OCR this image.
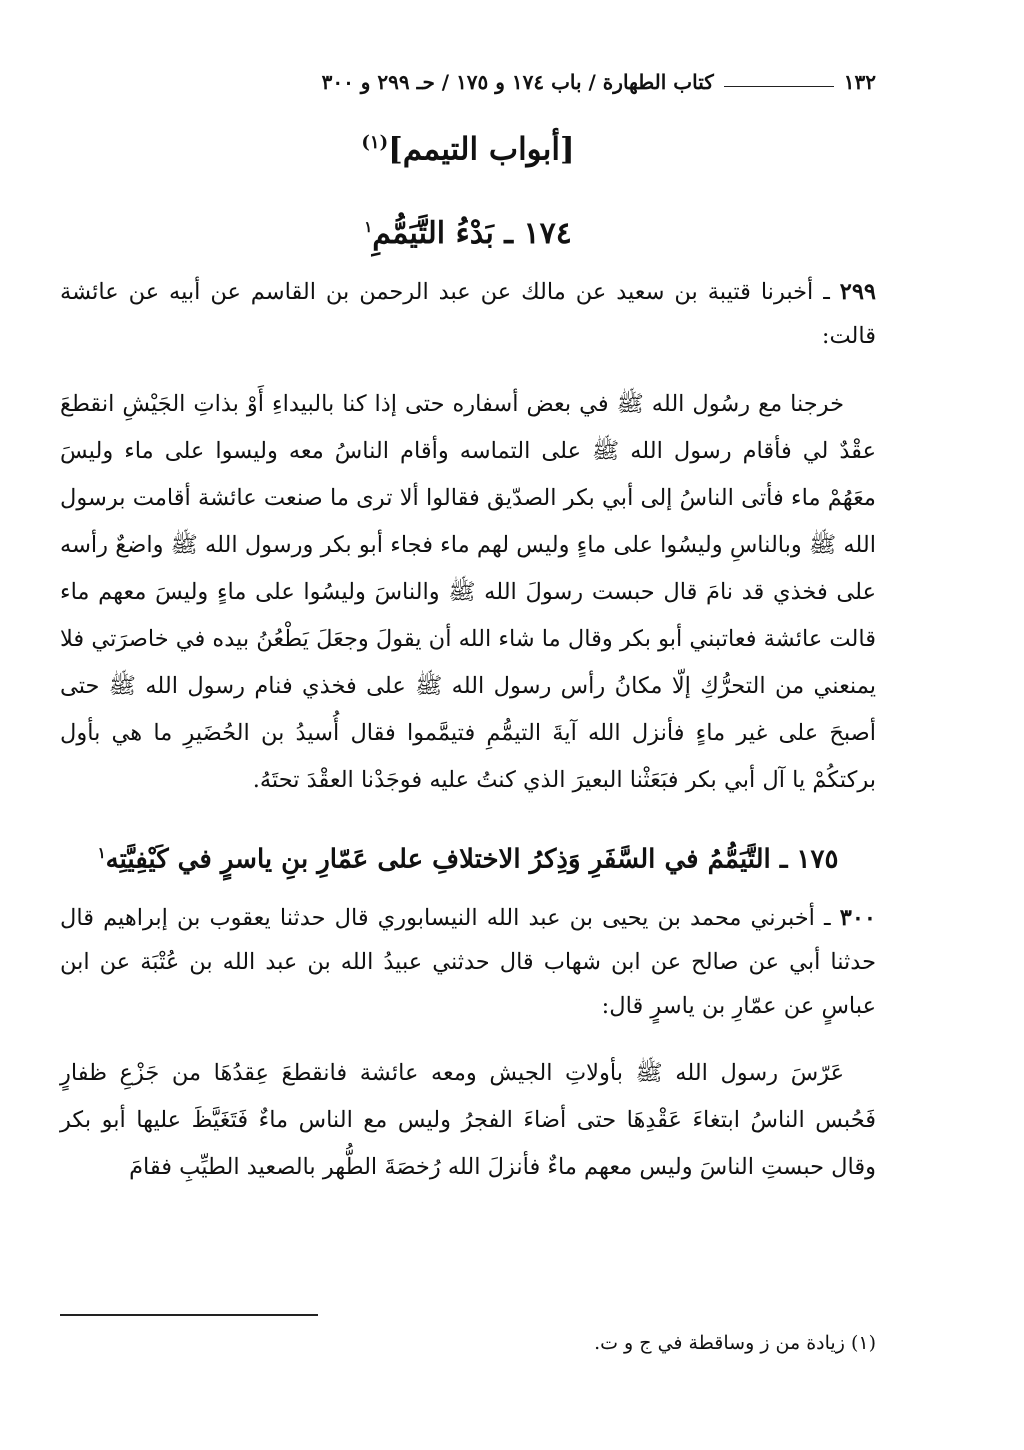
١٣٢
كتاب الطهارة / باب ١٧٤ و ١٧٥ / حـ ٢٩٩ و ٣٠٠
[أبواب التيمم]$^{(١)}$
١٧٤ ـ بَدْءُ التَّيَمُّمِ$^١$

٢٩٩ ـ أخبرنا قتيبة بن سعيد عن مالك عن عبد الرحمن بن القاسم عن أبيه عن عائشة قالت:

خرجنا مع رسُول الله ﷺ في بعض أسفاره حتى إذا كنا بالبيداءِ أَوْ بذاتِ الجَيْشِ انقطعَ عقْدٌ لي فأقام رسول الله ﷺ على التماسه وأقام الناسُ معه وليسوا على ماء وليسَ معَهُمْ ماء فأتى الناسُ إلى أبي بكر الصدّيق فقالوا ألا ترى ما صنعت عائشة أقامت برسول الله ﷺ وبالناسِ وليسُوا على ماءٍ وليس لهم ماء فجاء أبو بكر ورسول الله ﷺ واضعٌ رأسه على فخذي قد نامَ قال حبست رسولَ الله ﷺ والناسَ وليسُوا على ماءٍ وليسَ معهم ماء قالت عائشة فعاتبني أبو بكر وقال ما شاء الله أن يقولَ وجعَلَ يَطْعُنُ بيده في خاصرَتي فلا يمنعني من التحرُّكِ إلّا مكانُ رأس رسول الله ﷺ على فخذي فنام رسول الله ﷺ حتى أصبحَ على غير ماءٍ فأنزل الله آيةَ التيمُّمِ فتيمَّموا فقال أُسيدُ بن الحُضَيرِ ما هي بأول بركتكُمْ يا آل أبي بكر فبَعَثْنا البعيرَ الذي كنتُ عليه فوجَدْنا العقْدَ تحتَهُ.

١٧٥ ـ التَّيَمُّمُ في السَّفَرِ وَذِكرُ الاختلافِ على عَمّارِ بنِ ياسرٍ في كَيْفِيَّتِه$^١$

٣٠٠ ـ أخبرني محمد بن يحيى بن عبد الله النيسابوري قال حدثنا يعقوب بن إبراهيم قال حدثنا أبي عن صالح عن ابن شهاب قال حدثني عبيدُ الله بن عبد الله بن عُتْبَة عن ابن عباسٍ عن عمّارِ بن ياسرٍ قال:

عَرّسَ رسول الله ﷺ بأولاتِ الجيش ومعه عائشة فانقطعَ عِقدُهَا من جَزْعِ ظفارٍ فَحُبس الناسُ ابتغاءَ عَقْدِهَا حتى أضاءَ الفجرُ وليس مع الناس ماءٌ فَتَغَيَّظَ عليها أبو بكر وقال حبستِ الناسَ وليس معهم ماءٌ فأنزلَ الله رُخصَةَ الطُّهر بالصعيد الطيِّبِ فقامَ

(١) زيادة من ز وساقطة في ج و ت.
